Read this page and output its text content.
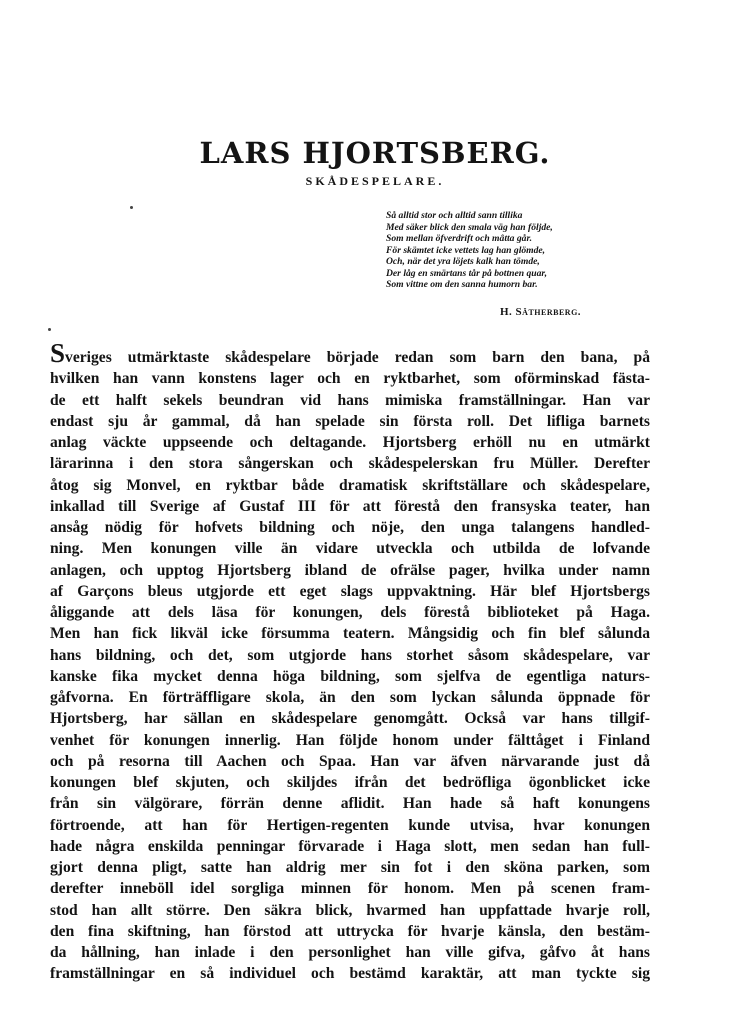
LARS HJORTSBERG.
SKÅDESPELARE.
Så alltid stor och alltid sann tillika
Med säker blick den smala väg han följde,
Som mellan öfverdrift och mâtta går.
För skämtet icke vettets lag han glömde,
Och, när det yra löjets kalk han tömde,
Der låg en smärtans tår på bottnen quar,
Som vittne om den sanna humorn bar.
H. Sätherberg.
Sveriges utmärktaste skådespelare började redan som barn den bana, på
hvilken han vann konstens lager och en ryktbarhet, som oförminskad fästa-
de ett halft sekels beundran vid hans mimiska framställningar. Han var
endast sju år gammal, då han spelade sin första roll. Det lifliga barnets
anlag väckte uppseende och deltagande. Hjortsberg erhöll nu en utmärkt
lärarinna i den stora sångerskan och skådespelerskan fru Müller. Derefter
åtog sig Monvel, en ryktbar både dramatisk skriftställare och skådespelare,
inkallad till Sverige af Gustaf III för att förestå den fransyska teater, han
ansåg nödig för hofvets bildning och nöje, den unga talangens handled-
ning. Men konungen ville än vidare utveckla och utbilda de lofvande
anlagen, och upptog Hjortsberg ibland de ofrälse pager, hvilka under namn
af Garçons bleus utgjorde ett eget slags uppvaktning. Här blef Hjortsbergs
åliggande att dels läsa för konungen, dels förestå biblioteket på Haga.
Men han fick likväl icke försumma teatern. Mångsidig och fin blef sålunda
hans bildning, och det, som utgjorde hans storhet såsom skådespelare, var
kanske fika mycket denna höga bildning, som sjelfva de egentliga naturs-
gåfvorna. En förträffligare skola, än den som lyckan sålunda öppnade för
Hjortsberg, har sällan en skådespelare genomgått. Också var hans tillgif-
venhet för konungen innerlig. Han följde honom under fälttåget i Finland
och på resorna till Aachen och Spaa. Han var äfven närvarande just då
konungen blef skjuten, och skiljdes ifrån det bedröfliga ögonblicket icke
från sin välgörare, förrän denne aflidit. Han hade så haft konungens
förtroende, att han för Hertigen-regenten kunde utvisa, hvar konungen
hade några enskilda penningar förvarade i Haga slott, men sedan han full-
gjort denna pligt, satte han aldrig mer sin fot i den sköna parken, som
derefter inneböll idel sorgliga minnen för honom. Men på scenen fram-
stod han allt större. Den säkra blick, hvarmed han uppfattade hvarje roll,
den fina skiftning, han förstod att uttrycka för hvarje känsla, den bestäm-
da hållning, han inlade i den personlighet han ville gifva, gåfvo åt hans
framställningar en så individuel och bestämd karaktär, att man tyckte sig
